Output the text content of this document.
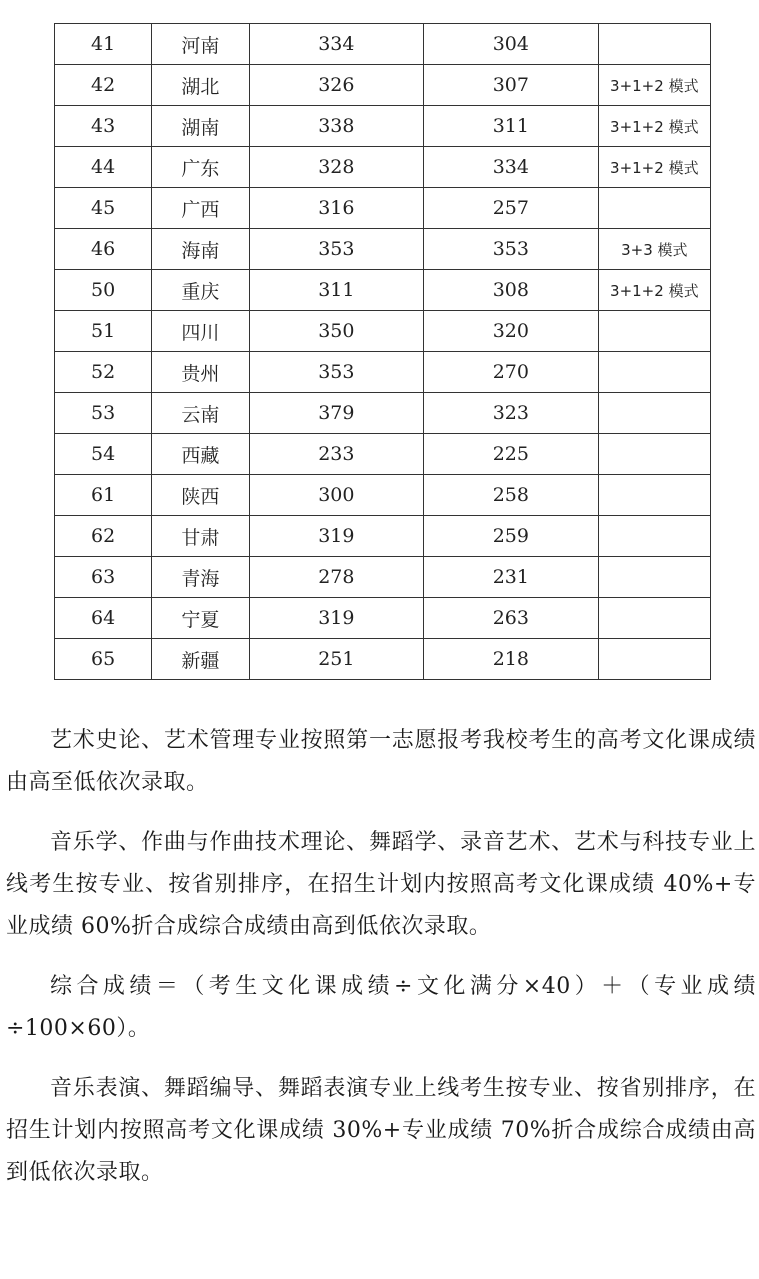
41	河南	334	304	
42	湖北	326	307	3+1+2 模式
43	湖南	338	311	3+1+2 模式
44	广东	328	334	3+1+2 模式
45	广西	316	257	
46	海南	353	353	3+3 模式
50	重庆	311	308	3+1+2 模式
51	四川	350	320	
52	贵州	353	270	
53	云南	379	323	
54	西藏	233	225	
61	陕西	300	258	
62	甘肃	319	259	
63	青海	278	231	
64	宁夏	319	263	
65	新疆	251	218	

艺术史论、艺术管理专业按照第一志愿报考我校考生的高考文化课成绩由高至低依次录取。

音乐学、作曲与作曲技术理论、舞蹈学、录音艺术、艺术与科技专业上线考生按专业、按省别排序，在招生计划内按照高考文化课成绩 40%+专业成绩 60%折合成综合成绩由高到低依次录取。

综合成绩＝（考生文化课成绩÷文化满分×40）＋（专业成绩÷100×60）。

音乐表演、舞蹈编导、舞蹈表演专业上线考生按专业、按省别排序，在招生计划内按照高考文化课成绩 30%+专业成绩 70%折合成综合成绩由高到低依次录取。
